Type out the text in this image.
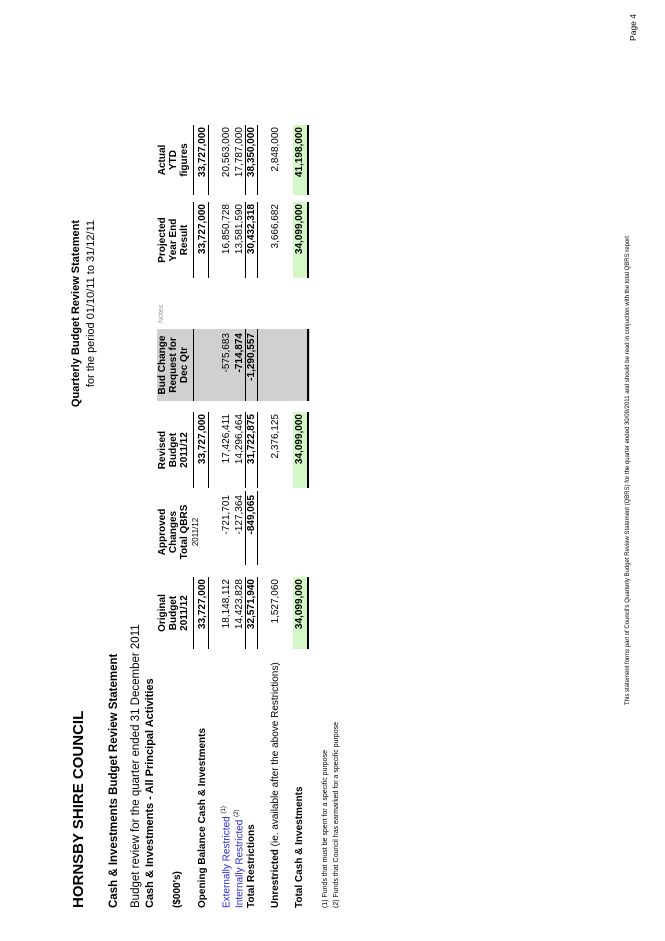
HORNSBY SHIRE COUNCIL
Quarterly Budget Review Statement for the period 01/10/11 to 31/12/11
Cash & Investments Budget Review Statement Budget review for the quarter ended 31 December 2011 Cash & Investments - All Principal Activities ($000's)
Original Budget 2011/12
Approved Changes Total QBRS 2011/12
Revised Budget 2011/12
Bud Change Request for Dec Qtr
Notes
Projected Year End Result
Actual YTD figures
Opening Balance Cash & Investments
33,727,000
33,727,000
33,727,000
33,727,000
Externally Restricted $^{(1)}$
18,148,112
-721,701
17,426,411
-575,683
16,850,728
20,563,000
Internally Restricted $^{(2)}$
14,423,828
-127,364
14,296,464
-714,874
13,581,590
17,787,000
Total Restrictions
32,571,940
-849,065
31,722,875
-1,290,557
30,432,318
38,350,000
Unrestricted (ie. available after the above Restrictions)
1,527,060
2,376,125
3,666,682
2,848,000
Total Cash & Investments
34,099,000
34,099,000
34,099,000
41,198,000
(1) Funds that must be spent for a specific purpose (2) Funds that Council has earmarked for a specific purpose
This statement forms part of Council's Quarterly Budget Review Statement (QBRS) for the quarter ended 30/09/2011 and should be read in conjuction with the total QBRS report
Page 4
